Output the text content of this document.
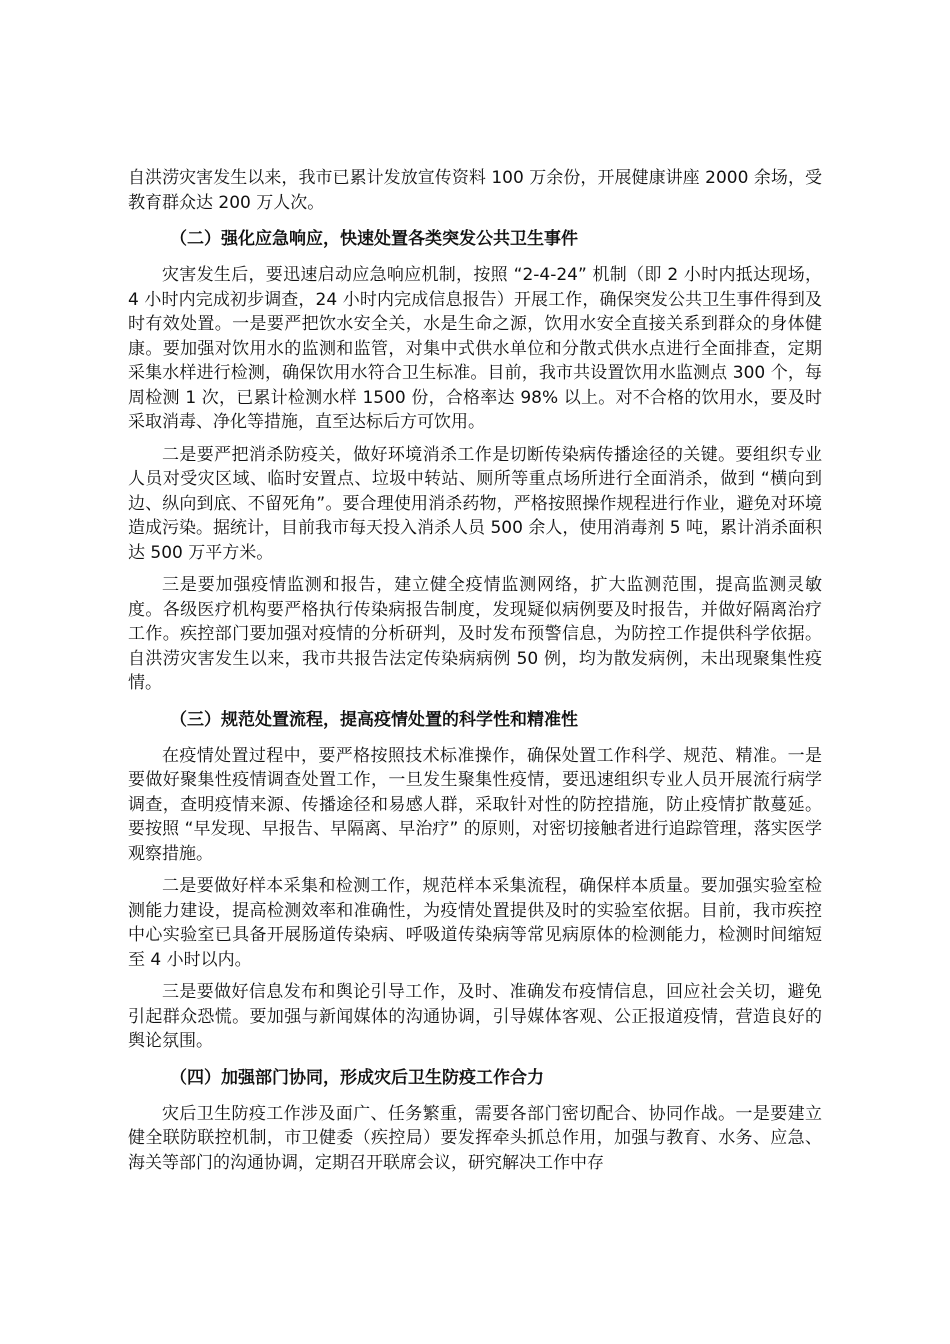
自洪涝灾害发生以来，我市已累计发放宣传资料 100 万余份，开展健康讲座 2000 余场，受教育群众达 200 万人次。

（二）强化应急响应，快速处置各类突发公共卫生事件

灾害发生后，要迅速启动应急响应机制，按照 “2-4-24” 机制（即 2 小时内抵达现场，4 小时内完成初步调查，24 小时内完成信息报告）开展工作，确保突发公共卫生事件得到及时有效处置。一是要严把饮水安全关，水是生命之源，饮用水安全直接关系到群众的身体健康。要加强对饮用水的监测和监管，对集中式供水单位和分散式供水点进行全面排查，定期采集水样进行检测，确保饮用水符合卫生标准。目前，我市共设置饮用水监测点 300 个，每周检测 1 次，已累计检测水样 1500 份，合格率达 98% 以上。对不合格的饮用水，要及时采取消毒、净化等措施，直至达标后方可饮用。

二是要严把消杀防疫关，做好环境消杀工作是切断传染病传播途径的关键。要组织专业人员对受灾区域、临时安置点、垃圾中转站、厕所等重点场所进行全面消杀，做到 “横向到边、纵向到底、不留死角”。要合理使用消杀药物，严格按照操作规程进行作业，避免对环境造成污染。据统计，目前我市每天投入消杀人员 500 余人，使用消毒剂 5 吨，累计消杀面积达 500 万平方米。

三是要加强疫情监测和报告，建立健全疫情监测网络，扩大监测范围，提高监测灵敏度。各级医疗机构要严格执行传染病报告制度，发现疑似病例要及时报告，并做好隔离治疗工作。疾控部门要加强对疫情的分析研判，及时发布预警信息，为防控工作提供科学依据。自洪涝灾害发生以来，我市共报告法定传染病病例 50 例，均为散发病例，未出现聚集性疫情。

（三）规范处置流程，提高疫情处置的科学性和精准性

在疫情处置过程中，要严格按照技术标准操作，确保处置工作科学、规范、精准。一是要做好聚集性疫情调查处置工作，一旦发生聚集性疫情，要迅速组织专业人员开展流行病学调查，查明疫情来源、传播途径和易感人群，采取针对性的防控措施，防止疫情扩散蔓延。要按照 “早发现、早报告、早隔离、早治疗” 的原则，对密切接触者进行追踪管理，落实医学观察措施。

二是要做好样本采集和检测工作，规范样本采集流程，确保样本质量。要加强实验室检测能力建设，提高检测效率和准确性，为疫情处置提供及时的实验室依据。目前，我市疾控中心实验室已具备开展肠道传染病、呼吸道传染病等常见病原体的检测能力，检测时间缩短至 4 小时以内。

三是要做好信息发布和舆论引导工作，及时、准确发布疫情信息，回应社会关切，避免引起群众恐慌。要加强与新闻媒体的沟通协调，引导媒体客观、公正报道疫情，营造良好的舆论氛围。

（四）加强部门协同，形成灾后卫生防疫工作合力

灾后卫生防疫工作涉及面广、任务繁重，需要各部门密切配合、协同作战。一是要建立健全联防联控机制，市卫健委（疾控局）要发挥牵头抓总作用，加强与教育、水务、应急、海关等部门的沟通协调，定期召开联席会议，研究解决工作中存
